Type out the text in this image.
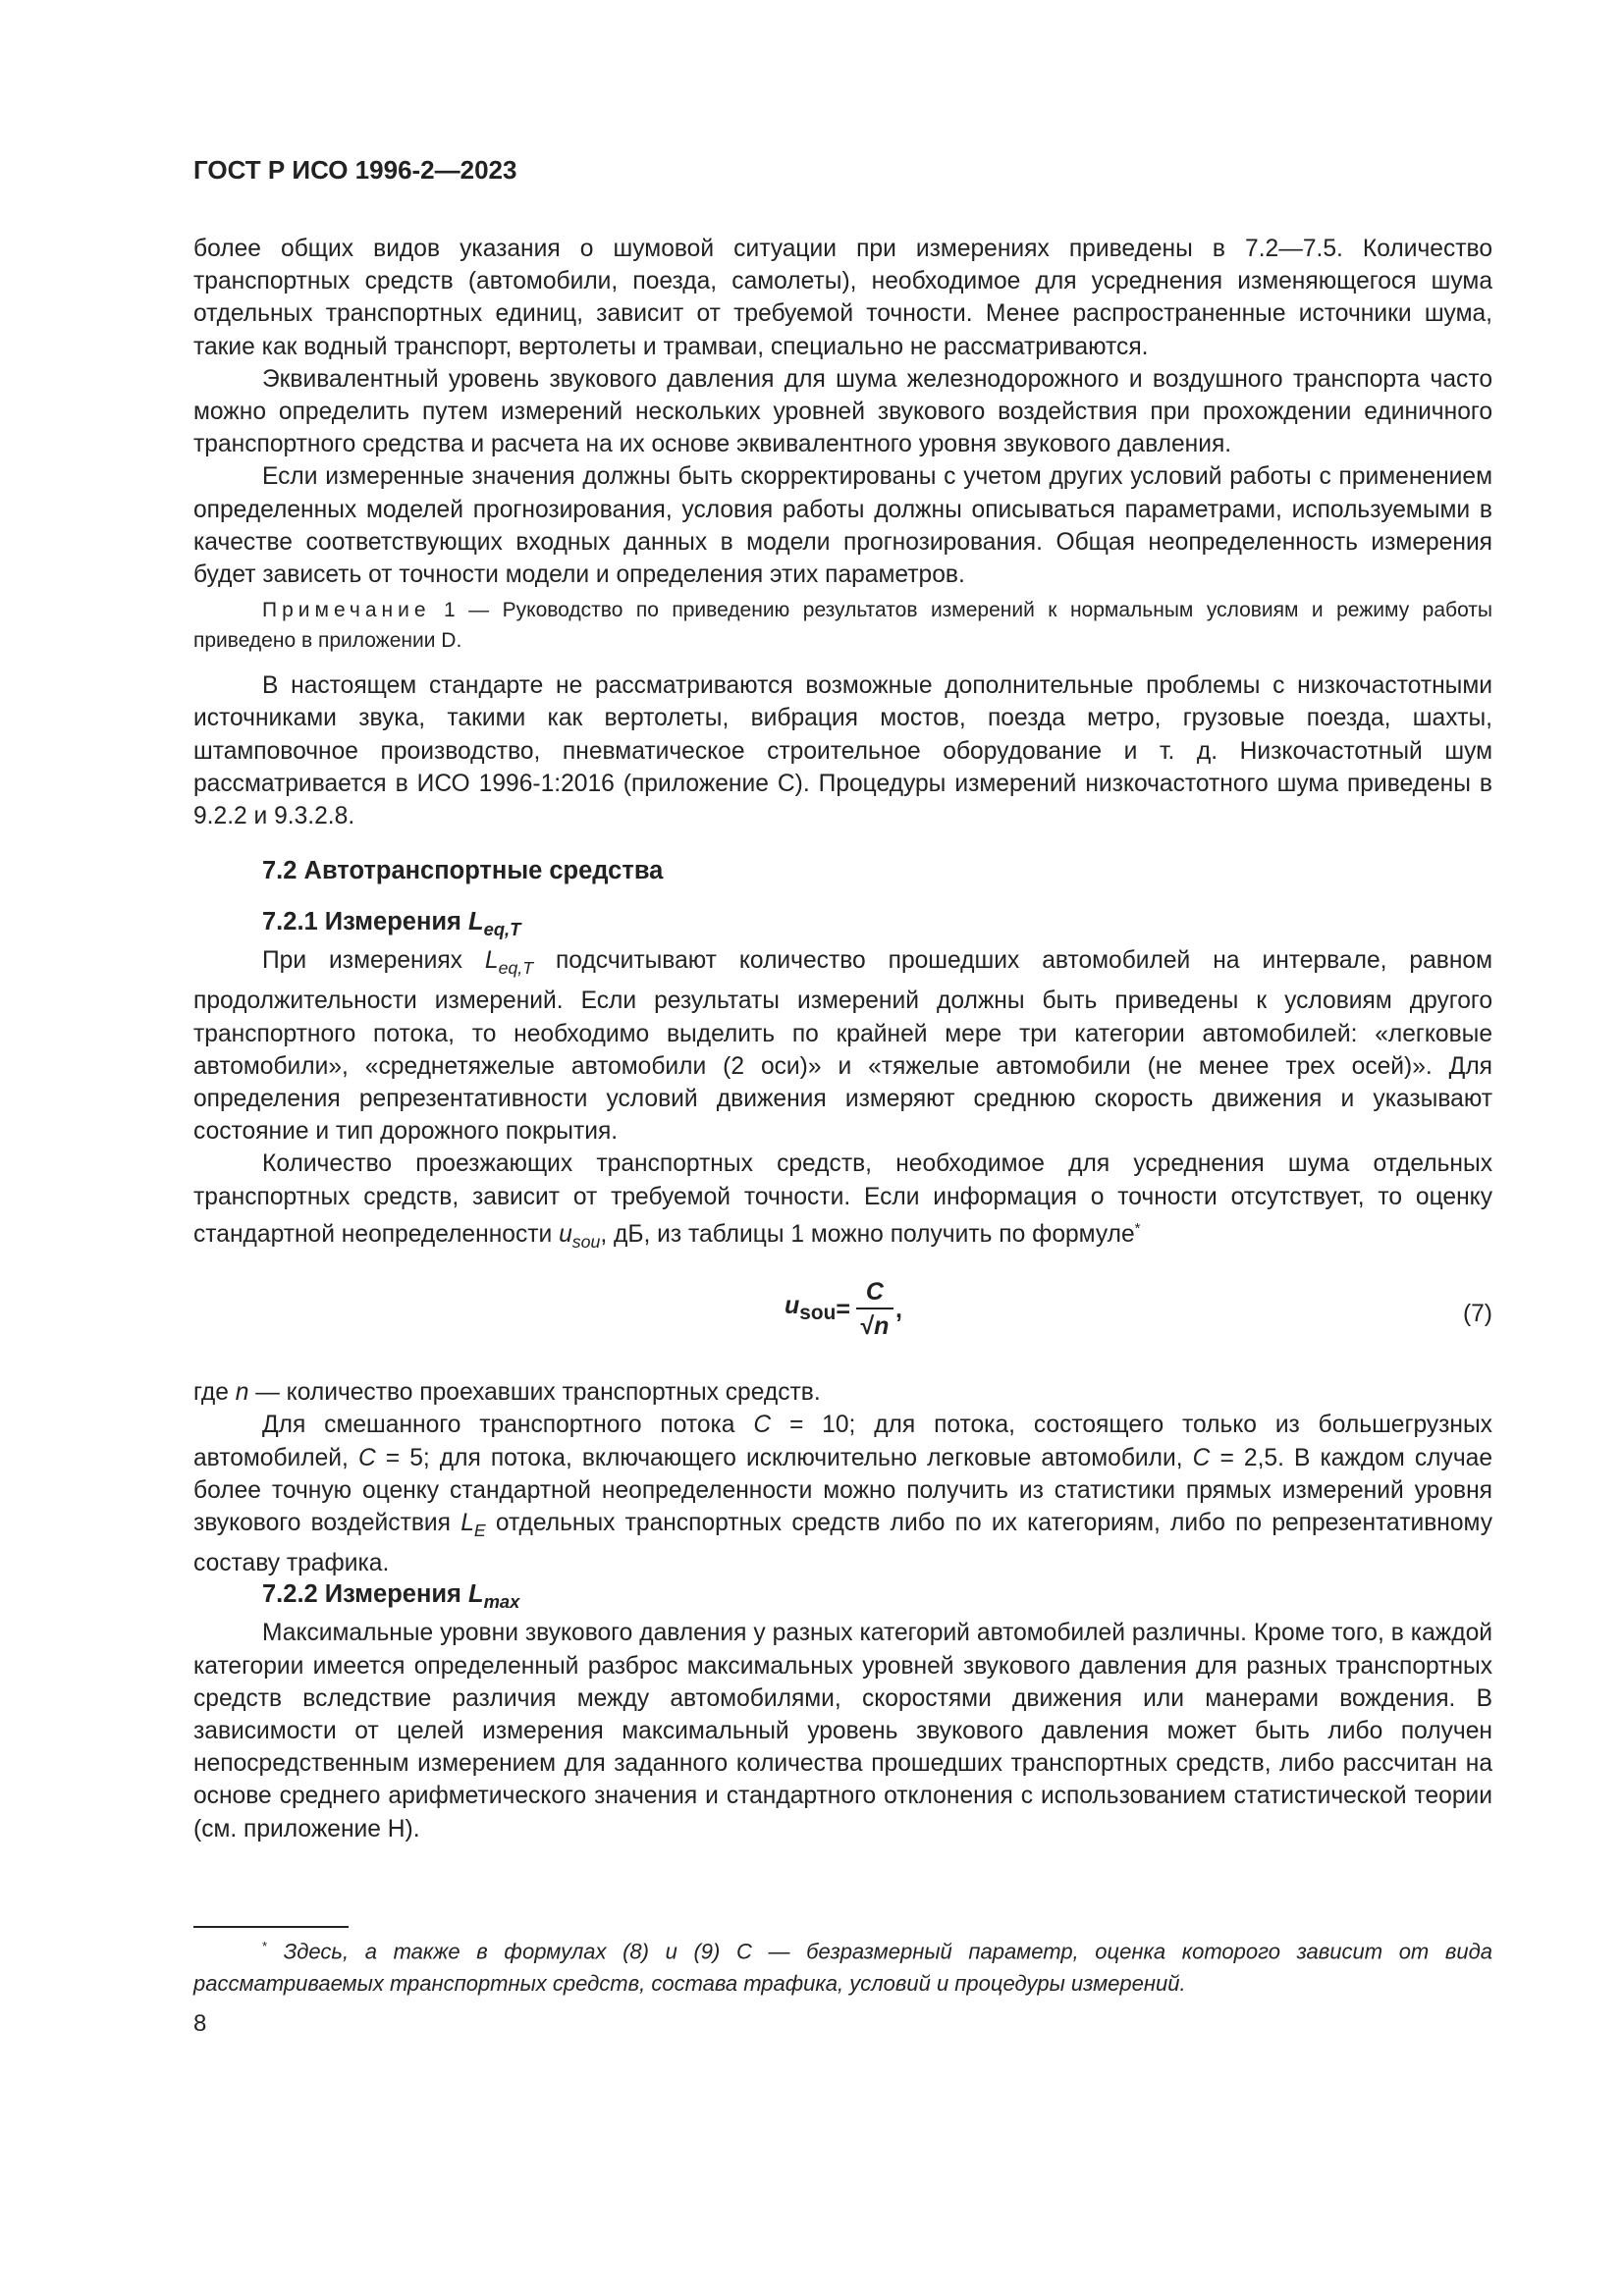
ГОСТ Р ИСО 1996-2—2023

более общих видов указания о шумовой ситуации при измерениях приведены в 7.2—7.5. Количество транспортных средств (автомобили, поезда, самолеты), необходимое для усреднения изменяющегося шума отдельных транспортных единиц, зависит от требуемой точности. Менее распространенные источники шума, такие как водный транспорт, вертолеты и трамваи, специально не рассматриваются.

Эквивалентный уровень звукового давления для шума железнодорожного и воздушного транспорта часто можно определить путем измерений нескольких уровней звукового воздействия при прохождении единичного транспортного средства и расчета на их основе эквивалентного уровня звукового давления.

Если измеренные значения должны быть скорректированы с учетом других условий работы с применением определенных моделей прогнозирования, условия работы должны описываться параметрами, используемыми в качестве соответствующих входных данных в модели прогнозирования. Общая неопределенность измерения будет зависеть от точности модели и определения этих параметров.

Примечание 1 — Руководство по приведению результатов измерений к нормальным условиям и режиму работы приведено в приложении D.

В настоящем стандарте не рассматриваются возможные дополнительные проблемы с низкочастотными источниками звука, такими как вертолеты, вибрация мостов, поезда метро, грузовые поезда, шахты, штамповочное производство, пневматическое строительное оборудование и т. д. Низкочастотный шум рассматривается в ИСО 1996-1:2016 (приложение С). Процедуры измерений низкочастотного шума приведены в 9.2.2 и 9.3.2.8.

7.2 Автотранспортные средства
7.2.1 Измерения $L_{eq,T}$

При измерениях $L_{eq,T}$ подсчитывают количество прошедших автомобилей на интервале, равном продолжительности измерений. Если результаты измерений должны быть приведены к условиям другого транспортного потока, то необходимо выделить по крайней мере три категории автомобилей: «легковые автомобили», «среднетяжелые автомобили (2 оси)» и «тяжелые автомобили (не менее трех осей)». Для определения репрезентативности условий движения измеряют среднюю скорость движения и указывают состояние и тип дорожного покрытия.

Количество проезжающих транспортных средств, необходимое для усреднения шума отдельных транспортных средств, зависит от требуемой точности. Если информация о точности отсутствует, то оценку стандартной неопределенности $u_{sou}$, дБ, из таблицы 1 можно получить по формуле*

$u_{sou} = \frac{C}{√n}$ ,	(7)

где n — количество проехавших транспортных средств.

Для смешанного транспортного потока C = 10; для потока, состоящего только из большегрузных автомобилей, C = 5; для потока, включающего исключительно легковые автомобили, C = 2,5. В каждом случае более точную оценку стандартной неопределенности можно получить из статистики прямых измерений уровня звукового воздействия $L_E$ отдельных транспортных средств либо по их категориям, либо по репрезентативному составу трафика.

7.2.2 Измерения $L_{max}$

Максимальные уровни звукового давления у разных категорий автомобилей различны. Кроме того, в каждой категории имеется определенный разброс максимальных уровней звукового давления для разных транспортных средств вследствие различия между автомобилями, скоростями движения или манерами вождения. В зависимости от целей измерения максимальный уровень звукового давления может быть либо получен непосредственным измерением для заданного количества прошедших транспортных средств, либо рассчитан на основе среднего арифметического значения и стандартного отклонения с использованием статистической теории (см. приложение Н).

* Здесь, а также в формулах (8) и (9) С — безразмерный параметр, оценка которого зависит от вида рассматриваемых транспортных средств, состава трафика, условий и процедуры измерений.

8
